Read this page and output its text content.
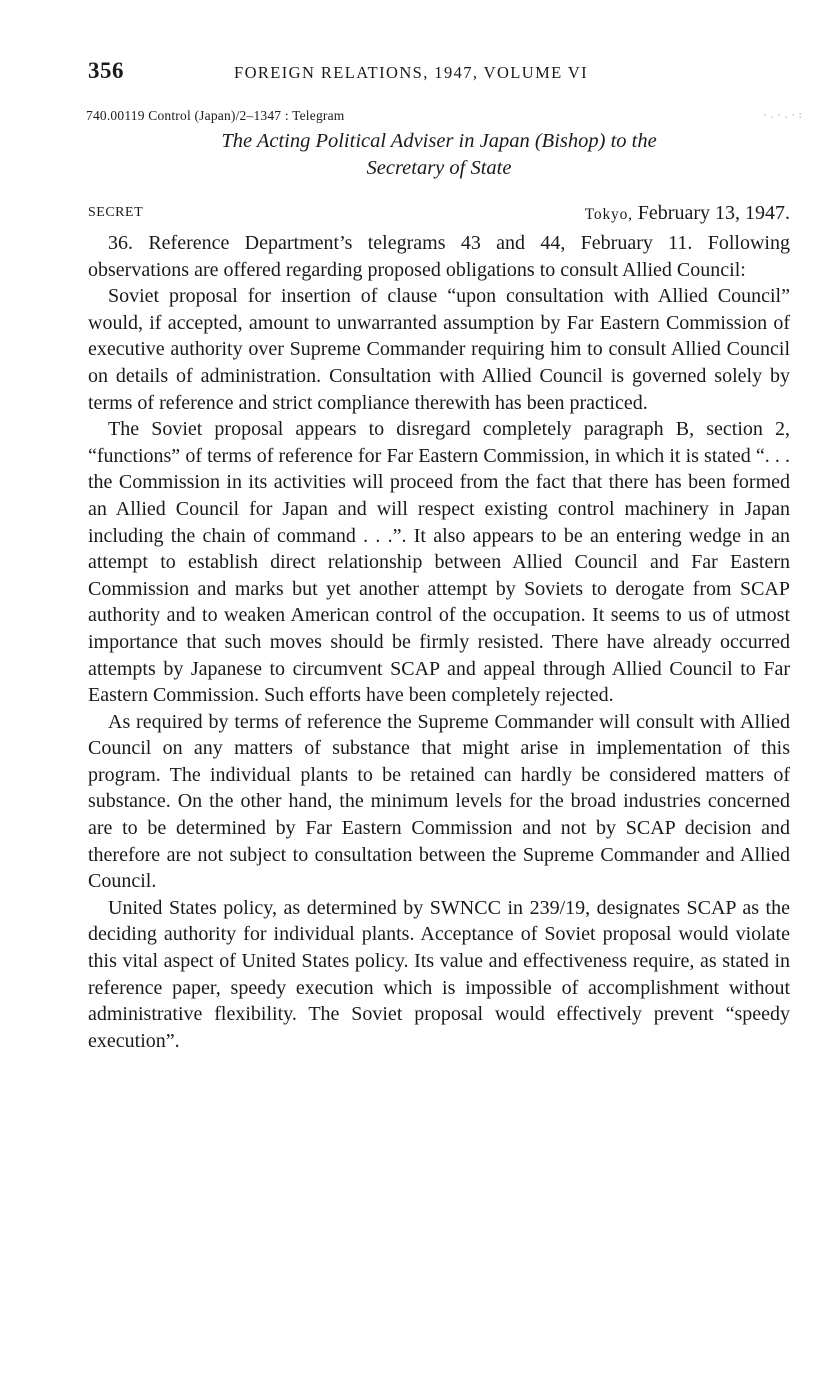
·.·.·:
356	FOREIGN RELATIONS, 1947, VOLUME VI
740.00119 Control (Japan)/2–1347 : Telegram
The Acting Political Adviser in Japan (Bishop) to the
Secretary of State
SECRET	Tokyo, February 13, 1947.

36. Reference Department’s telegrams 43 and 44, February 11. Following observations are offered regarding proposed obligations to consult Allied Council:

Soviet proposal for insertion of clause “upon consultation with Allied Council” would, if accepted, amount to unwarranted assumption by Far Eastern Commission of executive authority over Supreme Commander requiring him to consult Allied Council on details of administration. Consultation with Allied Council is governed solely by terms of reference and strict compliance therewith has been practiced.

The Soviet proposal appears to disregard completely paragraph B, section 2, “functions” of terms of reference for Far Eastern Commission, in which it is stated “. . . the Commission in its activities will proceed from the fact that there has been formed an Allied Council for Japan and will respect existing control machinery in Japan including the chain of command . . .”. It also appears to be an entering wedge in an attempt to establish direct relationship between Allied Council and Far Eastern Commission and marks but yet another attempt by Soviets to derogate from SCAP authority and to weaken American control of the occupation. It seems to us of utmost importance that such moves should be firmly resisted. There have already occurred attempts by Japanese to circumvent SCAP and appeal through Allied Council to Far Eastern Commission. Such efforts have been completely rejected.

As required by terms of reference the Supreme Commander will consult with Allied Council on any matters of substance that might arise in implementation of this program. The individual plants to be retained can hardly be considered matters of substance. On the other hand, the minimum levels for the broad industries concerned are to be determined by Far Eastern Commission and not by SCAP decision and therefore are not subject to consultation between the Supreme Commander and Allied Council.

United States policy, as determined by SWNCC in 239/19, designates SCAP as the deciding authority for individual plants. Acceptance of Soviet proposal would violate this vital aspect of United States policy. Its value and effectiveness require, as stated in reference paper, speedy execution which is impossible of accomplishment without administrative flexibility. The Soviet proposal would effectively prevent “speedy execution”.
